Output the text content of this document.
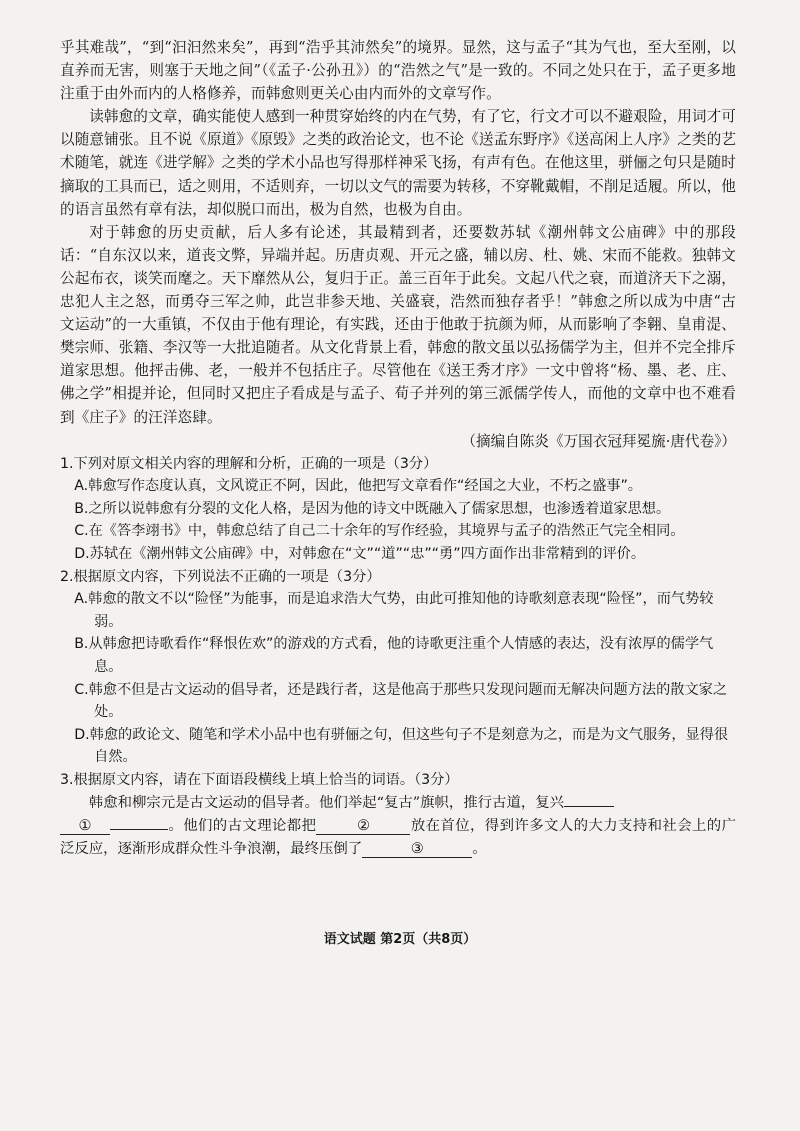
乎其难哉”，“到“汩汩然来矣”，再到“浩乎其沛然矣”的境界。显然，这与孟子“其为气也，至大至刚，以直养而无害，则塞于天地之间”（《孟子·公孙丑》）的“浩然之气”是一致的。不同之处只在于，孟子更多地注重于由外而内的人格修养，而韩愈则更关心由内而外的文章写作。

读韩愈的文章，确实能使人感到一种贯穿始终的内在气势，有了它，行文才可以不避艰险，用词才可以随意铺张。且不说《原道》《原毁》之类的政治论文，也不论《送孟东野序》《送高闲上人序》之类的艺术随笔，就连《进学解》之类的学术小品也写得那样神采飞扬，有声有色。在他这里，骈俪之句只是随时摘取的工具而已，适之则用，不适则弃，一切以文气的需要为转移，不穿靴戴帽，不削足适履。所以，他的语言虽然有章有法，却似脱口而出，极为自然，也极为自由。

对于韩愈的历史贡献，后人多有论述，其最精到者，还要数苏轼《潮州韩文公庙碑》中的那段话：“自东汉以来，道丧文弊，异端并起。历唐贞观、开元之盛，辅以房、杜、姚、宋而不能救。独韩文公起布衣，谈笑而麾之。天下靡然从公，复归于正。盖三百年于此矣。文起八代之衰，而道济天下之溺，忠犯人主之怒，而勇夺三军之帅，此岂非参天地、关盛衰，浩然而独存者乎！”韩愈之所以成为中唐“古文运动”的一大重镇，不仅由于他有理论，有实践，还由于他敢于抗颜为师，从而影响了李翱、皇甫湜、樊宗师、张籍、李汉等一大批追随者。从文化背景上看，韩愈的散文虽以弘扬儒学为主，但并不完全排斥道家思想。他抨击佛、老，一般并不包括庄子。尽管他在《送王秀才序》一文中曾将“杨、墨、老、庄、佛之学”相提并论，但同时又把庄子看成是与孟子、荀子并列的第三派儒学传人，而他的文章中也不难看到《庄子》的汪洋恣肆。

（摘编自陈炎《万国衣冠拜冕旒·唐代卷》）

1.下列对原文相关内容的理解和分析，正确的一项是（3分）

A.韩愈写作态度认真，文风谠正不阿，因此，他把写文章看作“经国之大业，不朽之盛事”。

B.之所以说韩愈有分裂的文化人格，是因为他的诗文中既融入了儒家思想，也渗透着道家思想。

C.在《答李翊书》中，韩愈总结了自己二十余年的写作经验，其境界与孟子的浩然正气完全相同。

D.苏轼在《潮州韩文公庙碑》中，对韩愈在“文”“道”“忠”“勇”四方面作出非常精到的评价。

2.根据原文内容，下列说法不正确的一项是（3分）

A.韩愈的散文不以“险怪”为能事，而是追求浩大气势，由此可推知他的诗歌刻意表现“险怪”，而气势较弱。

B.从韩愈把诗歌看作“释恨佐欢”的游戏的方式看，他的诗歌更注重个人情感的表达，没有浓厚的儒学气息。

C.韩愈不但是古文运动的倡导者，还是践行者，这是他高于那些只发现问题而无解决问题方法的散文家之处。

D.韩愈的政论文、随笔和学术小品中也有骈俪之句，但这些句子不是刻意为之，而是为文气服务，显得很自然。

3.根据原文内容，请在下面语段横线上填上恰当的词语。（3分）

韩愈和柳宗元是古文运动的倡导者。他们举起“复古”旗帜，推行古道，复兴
①	。他们的古文理论都把	②	放在首位，得到许多文人的大力支持和社会上的广泛反应，逐渐形成群众性斗争浪潮，最终压倒了	③	。

语文试题 第2页（共8页）
